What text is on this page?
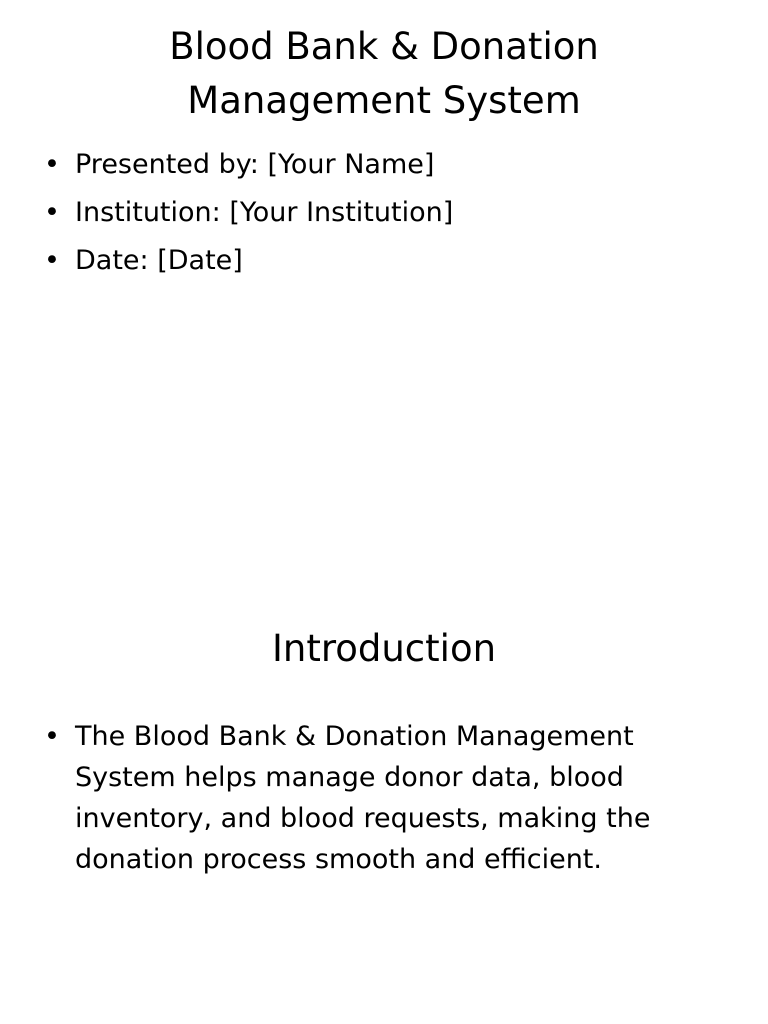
Blood Bank & Donation
Management System
• Presented by: [Your Name]
• Institution: [Your Institution]
• Date: [Date]
Introduction
• The Blood Bank & Donation Management System helps manage donor data, blood inventory, and blood requests, making the donation process smooth and efficient.
